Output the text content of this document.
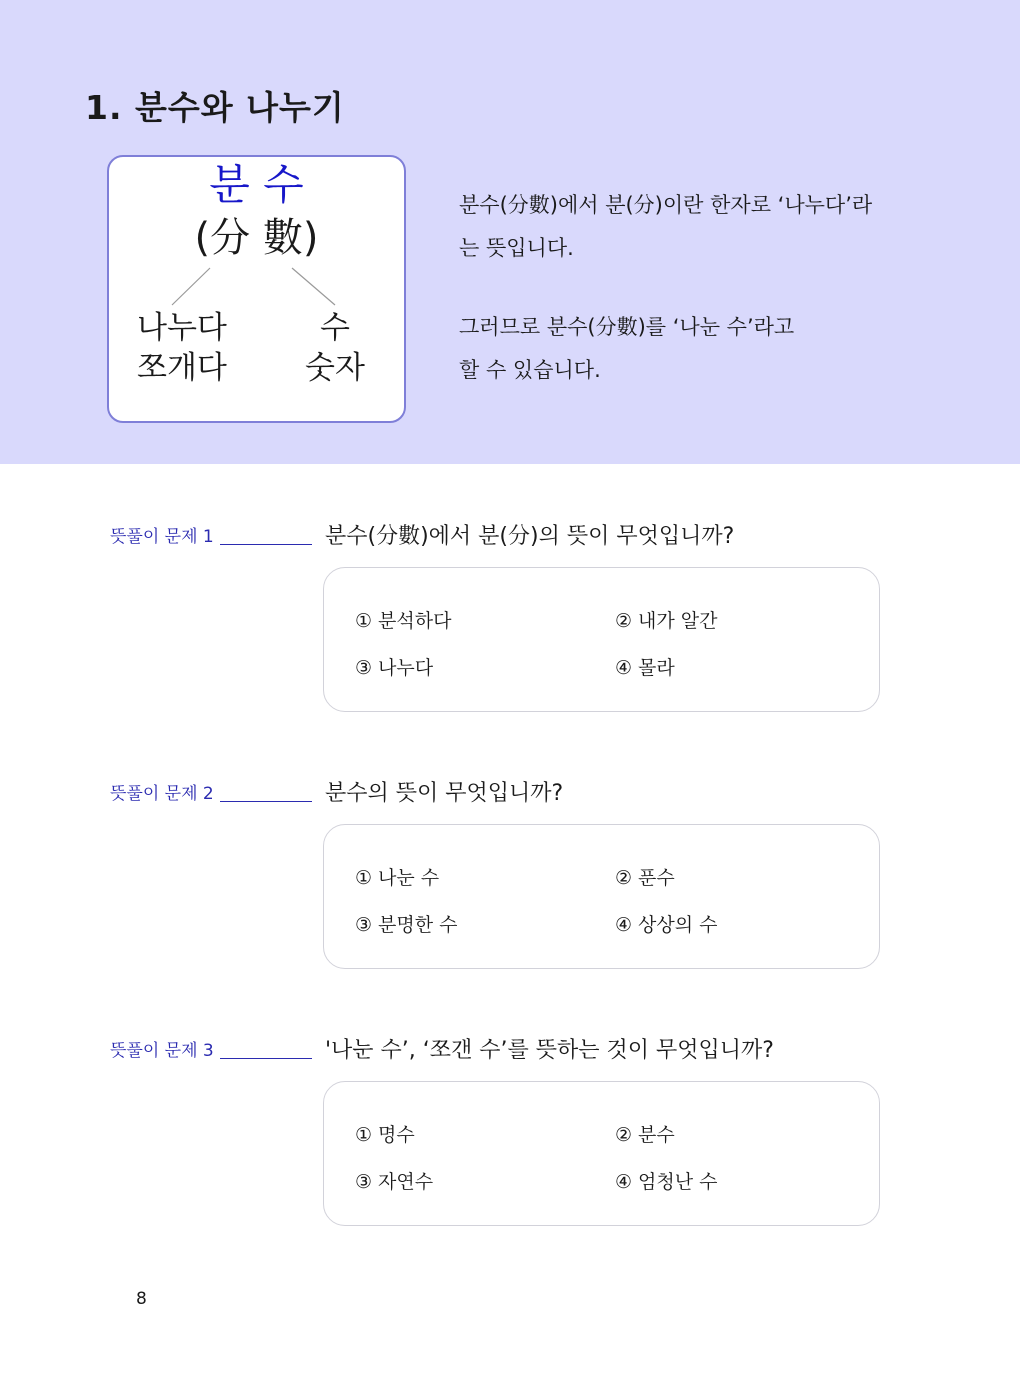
1. 분수와 나누기
분 수
(分 數)
나누다
쪼개다
수
숫자

분수(分數)에서 분(分)이란 한자로 ‘나누다’라
는 뜻입니다.

그러므로 분수(分數)를 ‘나눈 수’라고
할 수 있습니다.

뜻풀이 문제 1	분수(分數)에서 분(分)의 뜻이 무엇입니까?
① 분석하다	② 내가 알간
③ 나누다	④ 몰라
뜻풀이 문제 2	분수의 뜻이 무엇입니까?
① 나눈 수	② 푼수
③ 분명한 수	④ 상상의 수
뜻풀이 문제 3	'나눈 수’, ‘쪼갠 수’를 뜻하는 것이 무엇입니까?
① 명수	② 분수
③ 자연수	④ 엄청난 수
8
